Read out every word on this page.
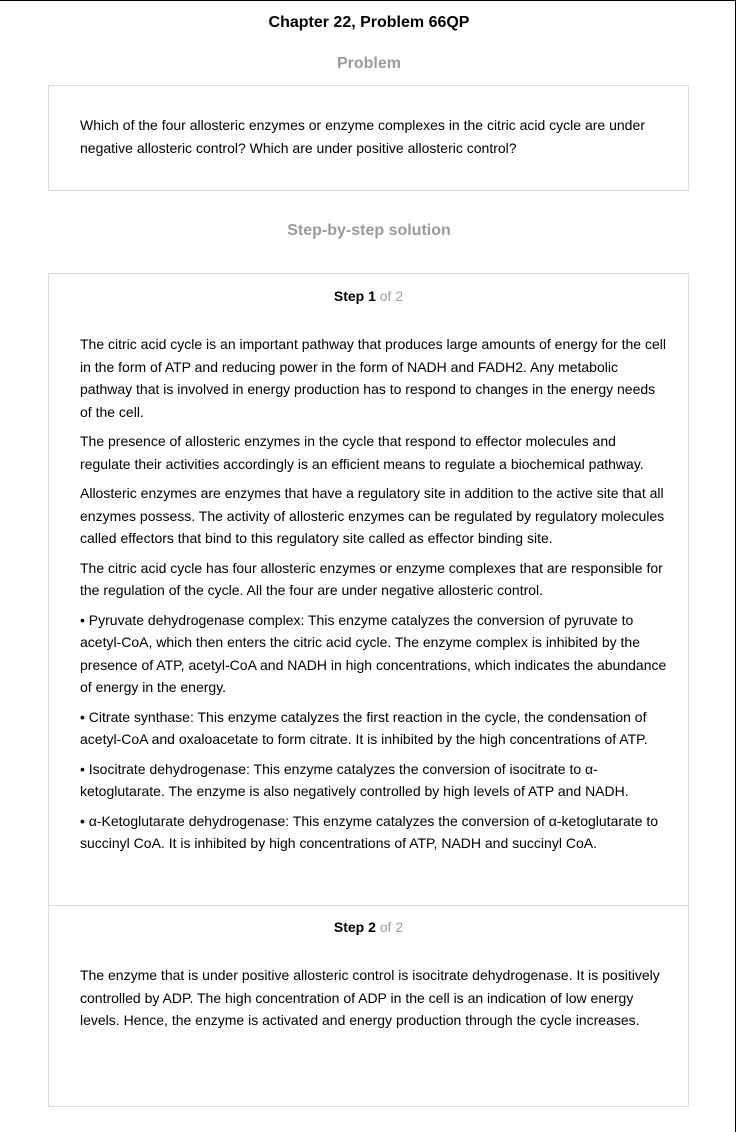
Chapter 22, Problem 66QP
Problem
Which of the four allosteric enzymes or enzyme complexes in the citric acid cycle are under negative allosteric control? Which are under positive allosteric control?
Step-by-step solution
Step 1 of 2

The citric acid cycle is an important pathway that produces large amounts of energy for the cell in the form of ATP and reducing power in the form of NADH and FADH2. Any metabolic pathway that is involved in energy production has to respond to changes in the energy needs of the cell.

The presence of allosteric enzymes in the cycle that respond to effector molecules and regulate their activities accordingly is an efficient means to regulate a biochemical pathway.

Allosteric enzymes are enzymes that have a regulatory site in addition to the active site that all enzymes possess. The activity of allosteric enzymes can be regulated by regulatory molecules called effectors that bind to this regulatory site called as effector binding site.

The citric acid cycle has four allosteric enzymes or enzyme complexes that are responsible for the regulation of the cycle. All the four are under negative allosteric control.

• Pyruvate dehydrogenase complex: This enzyme catalyzes the conversion of pyruvate to acetyl-CoA, which then enters the citric acid cycle. The enzyme complex is inhibited by the presence of ATP, acetyl-CoA and NADH in high concentrations, which indicates the abundance of energy in the energy.

• Citrate synthase: This enzyme catalyzes the first reaction in the cycle, the condensation of acetyl-CoA and oxaloacetate to form citrate. It is inhibited by the high concentrations of ATP.

• Isocitrate dehydrogenase: This enzyme catalyzes the conversion of isocitrate to α-ketoglutarate. The enzyme is also negatively controlled by high levels of ATP and NADH.

• α-Ketoglutarate dehydrogenase: This enzyme catalyzes the conversion of α-ketoglutarate to succinyl CoA. It is inhibited by high concentrations of ATP, NADH and succinyl CoA.

Step 2 of 2

The enzyme that is under positive allosteric control is isocitrate dehydrogenase. It is positively controlled by ADP. The high concentration of ADP in the cell is an indication of low energy levels. Hence, the enzyme is activated and energy production through the cycle increases.
